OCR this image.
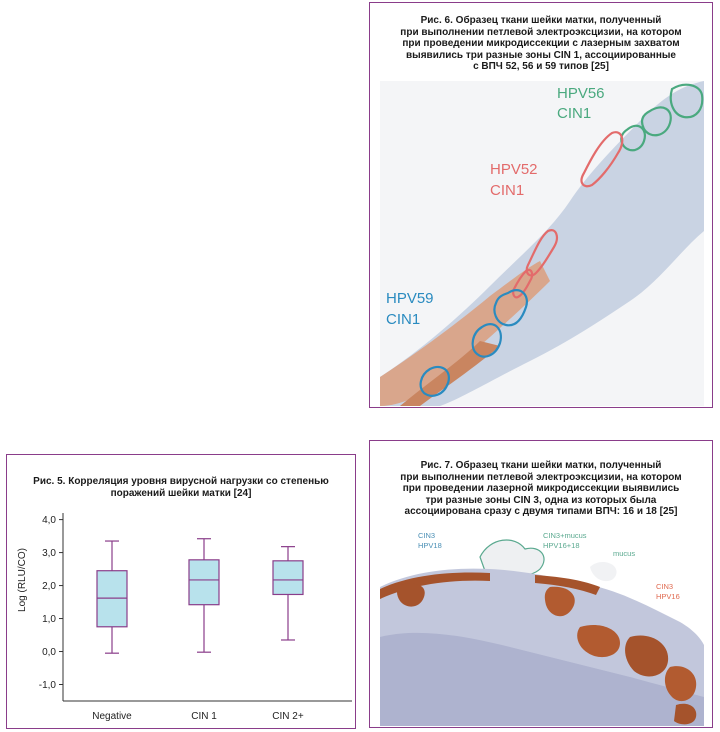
Рис. 6. Образец ткани шейки матки, полученный
при выполнении петлевой электроэксцизии, на котором
при проведении микродиссекции с лазерным захватом
выявились три разные зоны CIN 1, ассоциированные
с ВПЧ 52, 56 и 59 типов [25]
HPV56
CIN1
HPV52
CIN1
HPV59
CIN1
Рис. 5. Корреляция уровня вирусной нагрузки со степенью
поражений шейки матки [24]
Log (RLU/CO)
4,0
3,0
2,0
1,0
0,0
-1,0
Negative	CIN 1	CIN 2+
Рис. 7. Образец ткани шейки матки, полученный
при выполнении петлевой электроэксцизии, на котором
при проведении лазерной микродиссекции выявились
три разные зоны CIN 3, одна из которых была
ассоциирована сразу с двумя типами ВПЧ: 16 и 18 [25]
CIN3
HPV18
CIN3+mucus
HPV16+18
mucus
CIN3
HPV16
